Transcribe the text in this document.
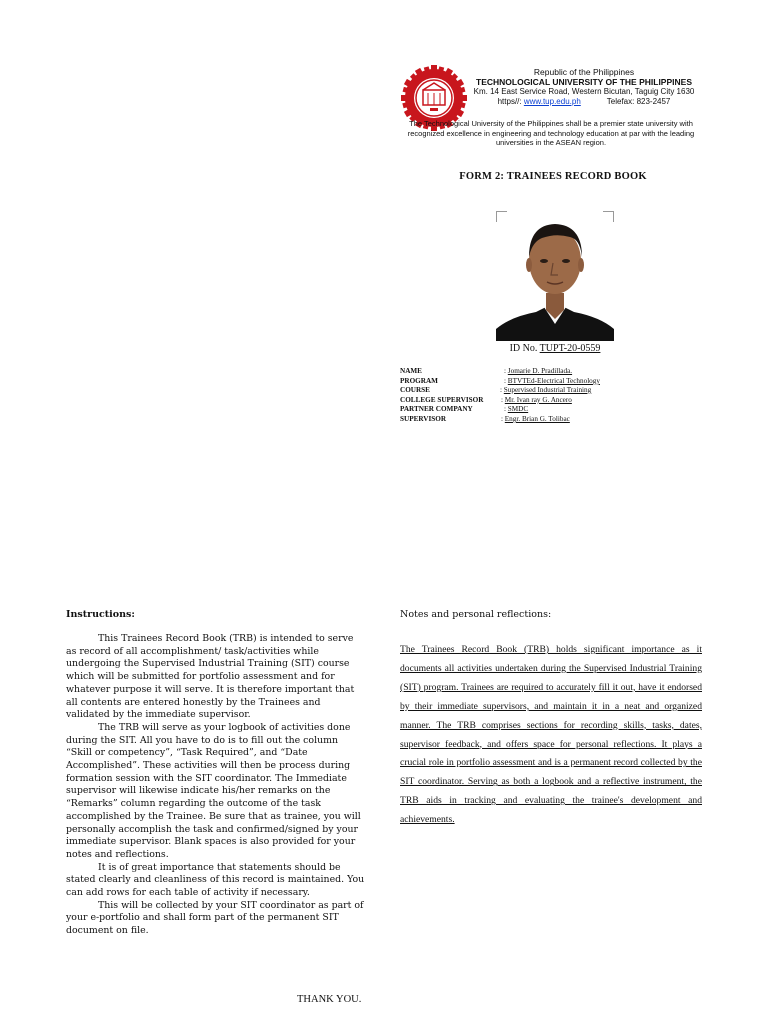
Republic of the Philippines
TECHNOLOGICAL UNIVERSITY OF THE PHILIPPINES
Km. 14 East Service Road, Western Bicutan, Taguig City 1630
https//: www.tup.edu.ph	Telefax: 823-2457
The Technological University of the Philippines shall be a premier state university with recognized excellence in engineering and technology education at par with the leading universities in the ASEAN region.
FORM 2: TRAINEES RECORD BOOK
ID No. TUPT-20-0559
NAME	: Jomarie D. Pradillada.
PROGRAM	: BTVTEd-Electrical Technology
COURSE	: Supervised Industrial Training
COLLEGE SUPERVISOR : Mr. Ivan ray G. Ancero
PARTNER COMPANY	: SMDC
SUPERVISOR	: Engr. Brian G. Tolibac
Instructions:

This Trainees Record Book (TRB) is intended to serve as record of all accomplishment/ task/activities while undergoing the Supervised Industrial Training (SIT) course which will be submitted for portfolio assessment and for whatever purpose it will serve. It is therefore important that all contents are entered honestly by the Trainees and validated by the immediate supervisor.

The TRB will serve as your logbook of activities done during the SIT. All you have to do is to fill out the column “Skill or competency”, “Task Required”, and “Date Accomplished”. These activities will then be process during formation session with the SIT coordinator. The Immediate supervisor will likewise indicate his/her remarks on the “Remarks” column regarding the outcome of the task accomplished by the Trainee. Be sure that as trainee, you will personally accomplish the task and confirmed/signed by your immediate supervisor. Blank spaces is also provided for your notes and reflections.

It is of great importance that statements should be stated clearly and cleanliness of this record is maintained. You can add rows for each table of activity if necessary.

This will be collected by your SIT coordinator as part of your e-portfolio and shall form part of the permanent SIT document on file.

THANK YOU.
Notes and personal reflections:
The Trainees Record Book (TRB) holds significant importance as it documents all activities undertaken during the Supervised Industrial Training (SIT) program. Trainees are required to accurately fill it out, have it endorsed by their immediate supervisors, and maintain it in a neat and organized manner. The TRB comprises sections for recording skills, tasks, dates, supervisor feedback, and offers space for personal reflections. It plays a crucial role in portfolio assessment and is a permanent record collected by the SIT coordinator. Serving as both a logbook and a reflective instrument, the TRB aids in tracking and evaluating the trainee's development and achievements.
